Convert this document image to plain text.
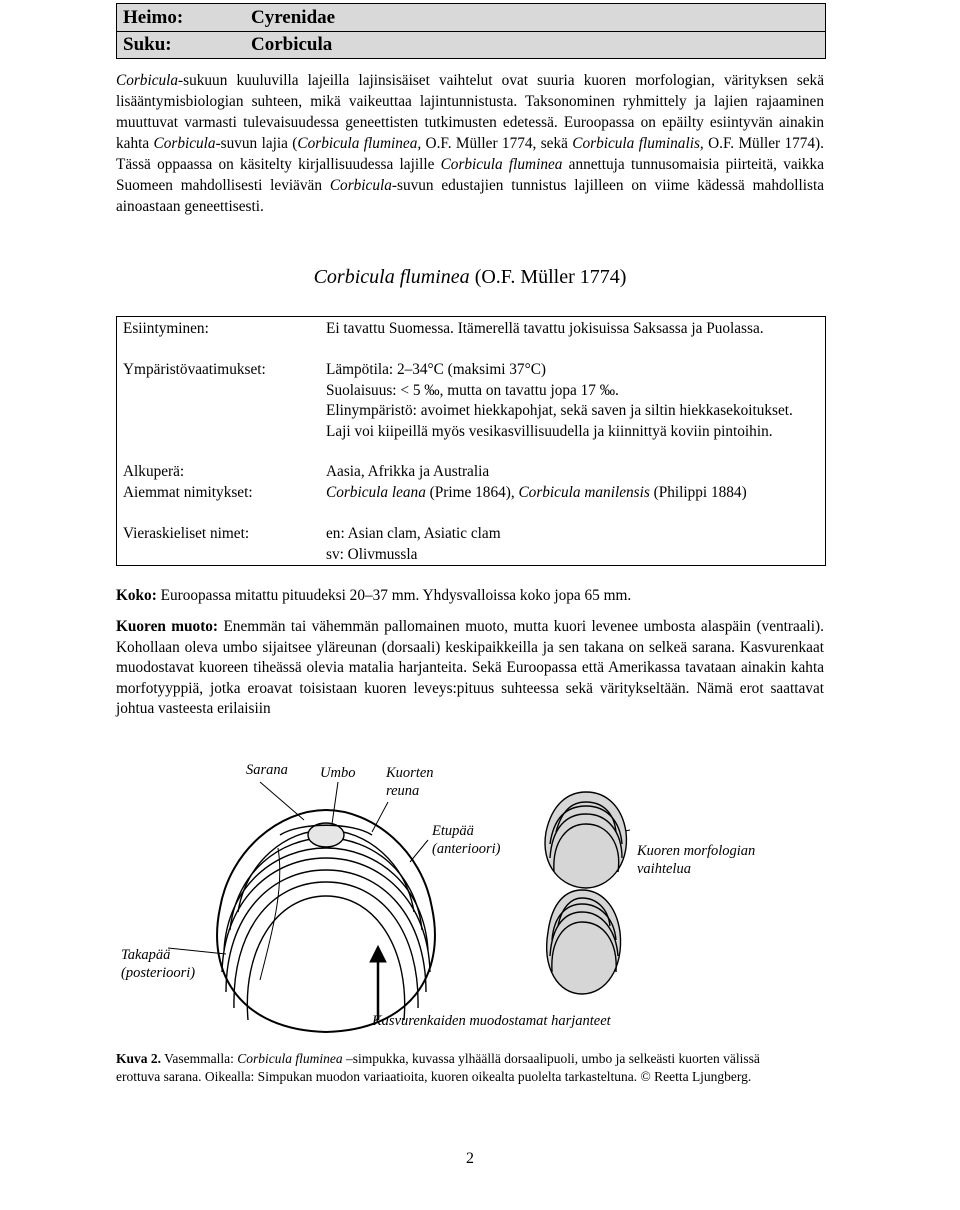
Heimo:	Cyrenidae
Suku:	Corbicula
Corbicula-sukuun kuuluvilla lajeilla lajinsisäiset vaihtelut ovat suuria kuoren morfologian, värityksen sekä lisääntymisbiologian suhteen, mikä vaikeuttaa lajintunnistusta. Taksonominen ryhmittely ja lajien rajaaminen muuttuvat varmasti tulevaisuudessa geneettisten tutkimusten edetessä. Euroopassa on epäilty esiintyvän ainakin kahta Corbicula-suvun lajia (Corbicula fluminea, O.F. Müller 1774, sekä Corbicula fluminalis, O.F. Müller 1774). Tässä oppaassa on käsitelty kirjallisuudessa lajille Corbicula fluminea annettuja tunnusomaisia piirteitä, vaikka Suomeen mahdollisesti leviävän Corbicula-suvun edustajien tunnistus lajilleen on viime kädessä mahdollista ainoastaan geneettisesti.
Corbicula fluminea (O.F. Müller 1774)
Esiintyminen:	Ei tavattu Suomessa. Itämerellä tavattu jokisuissa Saksassa ja Puolassa.
Ympäristövaatimukset:	Lämpötila: 2–34°C (maksimi 37°C)
Suolaisuus: < 5 ‰, mutta on tavattu jopa 17 ‰.
Elinympäristö: avoimet hiekkapohjat, sekä saven ja siltin hiekkasekoitukset. Laji voi kiipeillä myös vesikasvillisuudella ja kiinnittyä koviin pintoihin.
Alkuperä:	Aasia, Afrikka ja Australia
Aiemmat nimitykset:	Corbicula leana (Prime 1864), Corbicula manilensis (Philippi 1884)
Vieraskieliset nimet:	en: Asian clam, Asiatic clam
sv: Olivmussla
Koko: Euroopassa mitattu pituudeksi 20–37 mm. Yhdysvalloissa koko jopa 65 mm.
Kuoren muoto: Enemmän tai vähemmän pallomainen muoto, mutta kuori levenee umbosta alaspäin (ventraali). Kohollaan oleva umbo sijaitsee yläreunan (dorsaali) keskipaikkeilla ja sen takana on selkeä sarana. Kasvurenkaat muodostavat kuoreen tiheässä olevia matalia harjanteita. Sekä Euroopassa että Amerikassa tavataan ainakin kahta morfotyyppiä, jotka eroavat toisistaan kuoren leveys:pituus suhteessa sekä väritykseltään. Nämä erot saattavat johtua vasteesta erilaisiin
Sarana Umbo Kuorten
reuna
Etupää
(anterioori)	Kuoren morfologian
vaihtelua
Takapää
(posterioori)
Kasvurenkaiden muodostamat harjanteet
Kuva 2. Vasemmalla: Corbicula fluminea –simpukka, kuvassa ylhäällä dorsaalipuoli, umbo ja selkeästi kuorten välissä erottuva sarana. Oikealla: Simpukan muodon variaatioita, kuoren oikealta puolelta tarkasteltuna. © Reetta Ljungberg.
2
